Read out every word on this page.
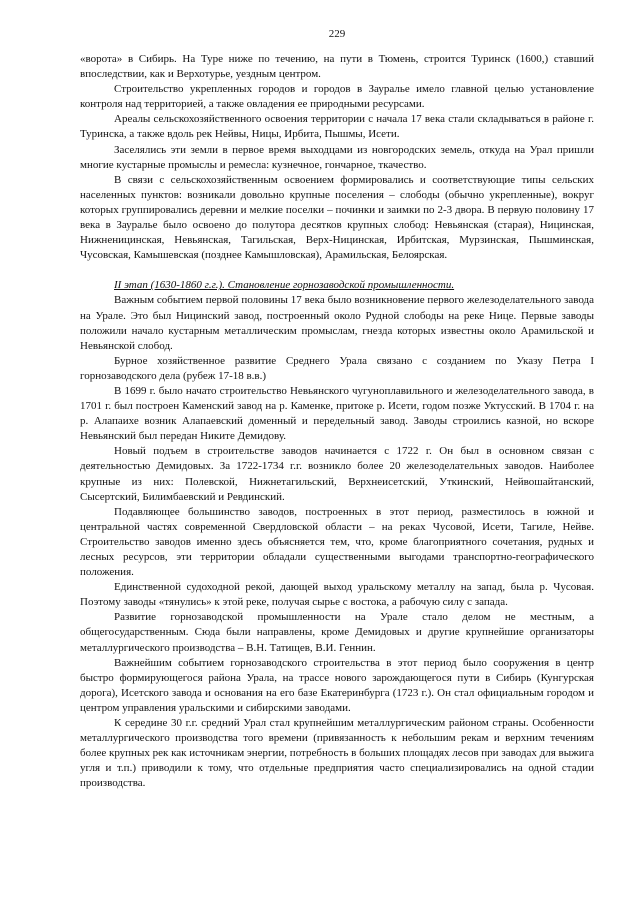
229

«ворота» в Сибирь. На Туре ниже по течению, на пути в Тюмень, строится Туринск (1600,) ставший впоследствии, как и Верхотурье, уездным центром.

Строительство укрепленных городов и городов в Зауралье имело главной целью установление контроля над территорией, а также овладения ее природными ресурсами.

Ареалы сельскохозяйственного освоения территории с начала 17 века стали складываться в районе г. Туринска, а также вдоль рек Нейвы, Ницы, Ирбита, Пышмы, Исети.

Заселялись эти земли в первое время выходцами из новгородских земель, откуда на Урал пришли многие кустарные промыслы и ремесла: кузнечное, гончарное, ткачество.

В связи с сельскохозяйственным освоением формировались и соответствующие типы сельских населенных пунктов: возникали довольно крупные поселения – слободы (обычно укрепленные), вокруг которых группировались деревни и мелкие поселки – починки и заимки по 2-3 двора. В первую половину 17 века в Зауралье было освоено до полутора десятков крупных слобод: Невьянская (старая), Ницинская, Нижненицинская, Невьянская, Тагильская, Верх-Ницинская, Ирбитская, Мурзинская, Пышминская, Чусовская, Камышевская (позднее Камышловская), Арамильская, Белоярская.

II этап (1630-1860 г.г.). Становление горнозаводской промышленности.

Важным событием первой половины 17 века было возникновение первого железоделательного завода на Урале. Это был Ницинский завод, построенный около Рудной слободы на реке Нице. Первые заводы положили начало кустарным металлическим промыслам, гнезда которых известны около Арамильской и Невьянской слобод.

Бурное хозяйственное развитие Среднего Урала связано с созданием по Указу Петра I горнозаводского дела (рубеж 17-18 в.в.)

В 1699 г. было начато строительство Невьянского чугуноплавильного и железоделательного завода, в 1701 г. был построен Каменский завод на р. Каменке, притоке р. Исети, годом позже Уктусский. В 1704 г. на р. Алапаихе возник Алапаевский доменный и передельный завод. Заводы строились казной, но вскоре Невьянский был передан Никите Демидову.

Новый подъем в строительстве заводов начинается с 1722 г. Он был в основном связан с деятельностью Демидовых. За 1722-1734 г.г. возникло более 20 железоделательных заводов. Наиболее крупные из них: Полевской, Нижнетагильский, Верхнеисетский, Уткинский, Нейвошайтанский, Сысертский, Билимбаевский и Ревдинский.

Подавляющее большинство заводов, построенных в этот период, разместилось в южной и центральной частях современной Свердловской области – на реках Чусовой, Исети, Тагиле, Нейве. Строительство заводов именно здесь объясняется тем, что, кроме благоприятного сочетания, рудных и лесных ресурсов, эти территории обладали существенными выгодами транспортно-географического положения.

Единственной судоходной рекой, дающей выход уральскому металлу на запад, была р. Чусовая. Поэтому заводы «тянулись» к этой реке, получая сырье с востока, а рабочую силу с запада.

Развитие горнозаводской промышленности на Урале стало делом не местным, а общегосударственным. Сюда были направлены, кроме Демидовых и другие крупнейшие организаторы металлургического производства – В.Н. Татищев, В.И. Геннин.

Важнейшим событием горнозаводского строительства в этот период было сооружения в центр быстро формирующегося района Урала, на трассе нового зарождающегося пути в Сибирь (Кунгурская дорога), Исетского завода и основания на его базе Екатеринбурга (1723 г.). Он стал официальным городом и центром управления уральскими и сибирскими заводами.

К середине 30 г.г. средний Урал стал крупнейшим металлургическим районом страны. Особенности металлургического производства того времени (привязанность к небольшим рекам и верхним течениям более крупных рек как источникам энергии, потребность в больших площадях лесов при заводах для выжига угля и т.п.) приводили к тому, что отдельные предприятия часто специализировались на одной стадии производства.
